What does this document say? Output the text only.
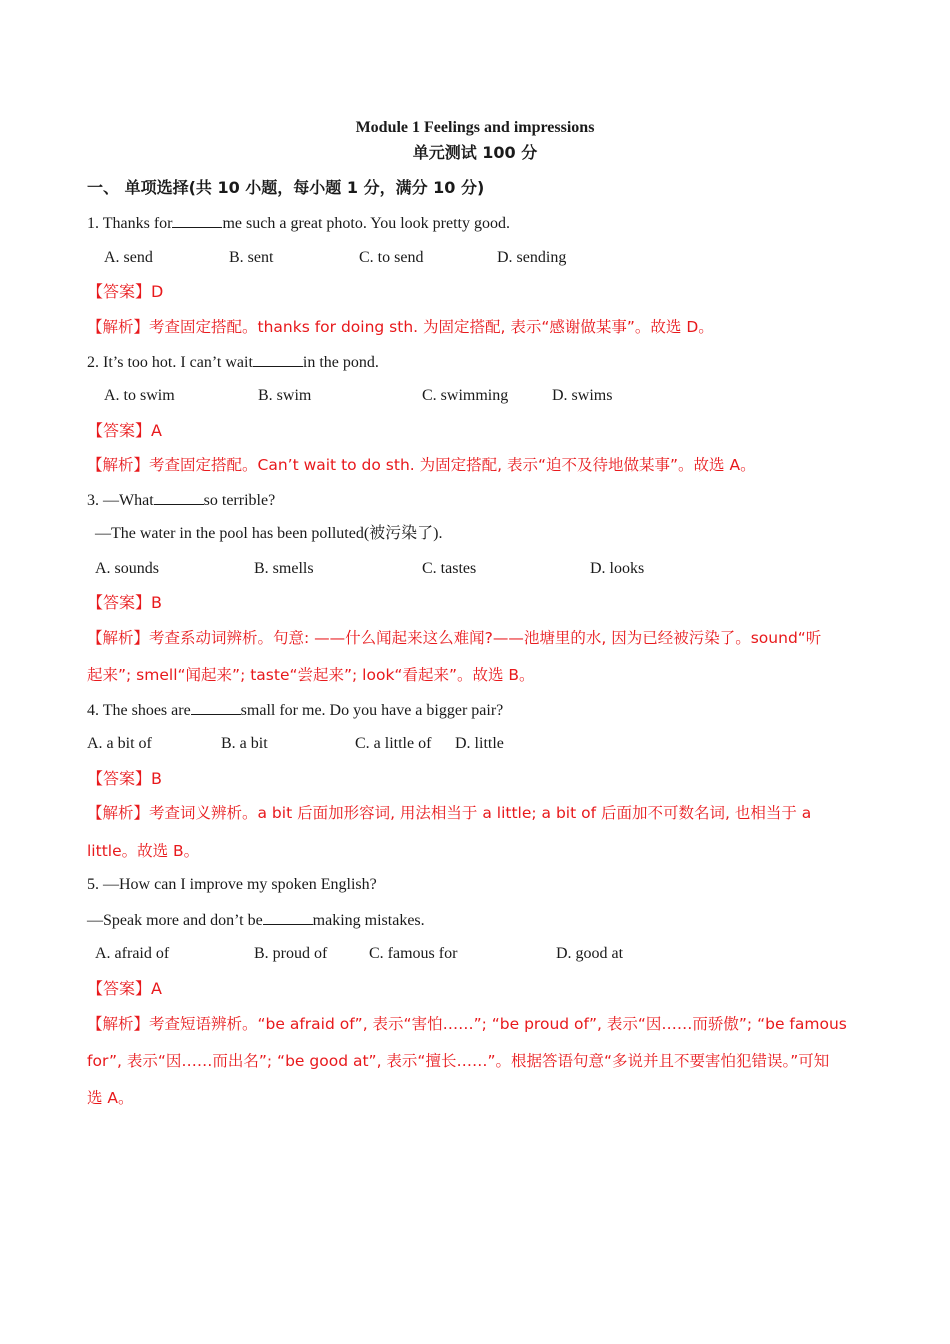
Module 1 Feelings and impressions
单元测试 100 分
一、 单项选择(共 10 小题，每小题 1 分，满分 10 分)
1. Thanks for	me such a great photo. You look pretty good.
A. send	B. sent	C. to send	D. sending
【答案】D
【解析】考查固定搭配。thanks for doing sth. 为固定搭配, 表示“感谢做某事”。故选 D。
2. It’s too hot. I can’t wait	in the pond.
A. to swim	B. swim	C. swimming	D. swims
【答案】A
【解析】考查固定搭配。Can’t wait to do sth. 为固定搭配, 表示“迫不及待地做某事”。故选 A。
3. —What	so terrible?
—The water in the pool has been polluted(被污染了).
A. sounds	B. smells	C. tastes	D. looks
【答案】B
【解析】考查系动词辨析。句意: ——什么闻起来这么难闻?——池塘里的水, 因为已经被污染了。sound“听
起来”; smell“闻起来”; taste“尝起来”; look“看起来”。故选 B。
4. The shoes are	small for me. Do you have a bigger pair?
A. a bit of	B. a bit	C. a little of D. little
【答案】B
【解析】考查词义辨析。a bit 后面加形容词, 用法相当于 a little; a bit of 后面加不可数名词, 也相当于 a
little。故选 B。
5. —How can I improve my spoken English?
—Speak more and don’t be	making mistakes.
A. afraid of	B. proud of	C. famous for	D. good at
【答案】A
【解析】考查短语辨析。“be afraid of”, 表示“害怕……”; “be proud of”, 表示“因……而骄傲”; “be famous
for”, 表示“因……而出名”; “be good at”, 表示“擅长……”。根据答语句意“多说并且不要害怕犯错误。”可知
选 A。
